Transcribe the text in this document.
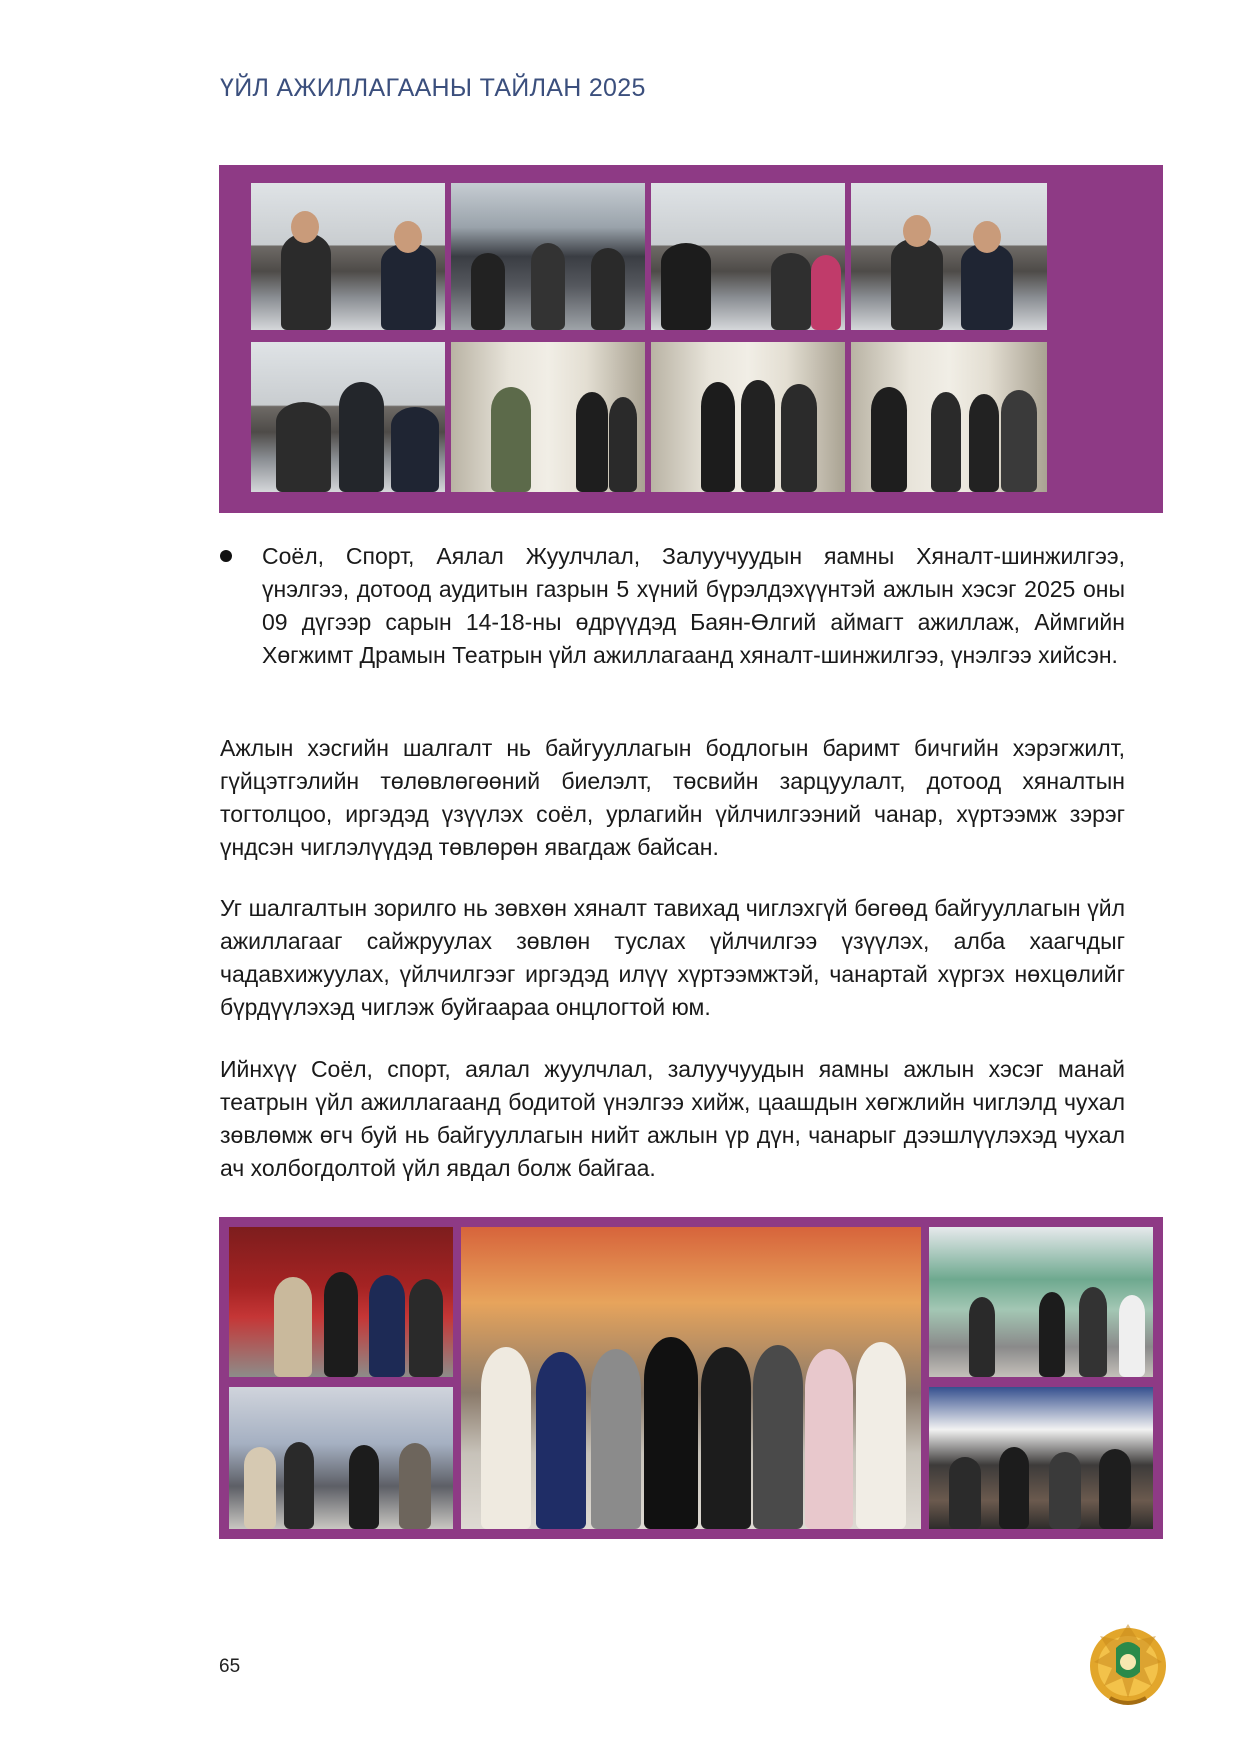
ҮЙЛ АЖИЛЛАГААНЫ ТАЙЛАН 2025
Соёл, Спорт, Аялал Жуулчлал, Залуучуудын яамны Хяналт-шинжилгээ, үнэлгээ, дотоод аудитын газрын 5 хүний бүрэлдэхүүнтэй ажлын хэсэг 2025 оны 09 дүгээр сарын 14-18-ны өдрүүдэд Баян-Өлгий аймагт ажиллаж, Аймгийн Хөгжимт Драмын Театрын үйл ажиллагаанд хяналт-шинжилгээ, үнэлгээ хийсэн.

Ажлын хэсгийн шалгалт нь байгууллагын бодлогын баримт бичгийн хэрэгжилт, гүйцэтгэлийн төлөвлөгөөний биелэлт, төсвийн зарцуулалт, дотоод хяналтын тогтолцоо, иргэдэд үзүүлэх соёл, урлагийн үйлчилгээний чанар, хүртээмж зэрэг үндсэн чиглэлүүдэд төвлөрөн явагдаж байсан.

Уг шалгалтын зорилго нь зөвхөн хяналт тавихад чиглэхгүй бөгөөд байгууллагын үйл ажиллагааг сайжруулах зөвлөн туслах үйлчилгээ үзүүлэх, алба хаагчдыг чадавхижуулах, үйлчилгээг иргэдэд илүү хүртээмжтэй, чанартай хүргэх нөхцөлийг бүрдүүлэхэд чиглэж буйгаараа онцлогтой юм.

Ийнхүү Соёл, спорт, аялал жуулчлал, залуучуудын яамны ажлын хэсэг манай театрын үйл ажиллагаанд бодитой үнэлгээ хийж, цаашдын хөгжлийн чиглэлд чухал зөвлөмж өгч буй нь байгууллагын нийт ажлын үр дүн, чанарыг дээшлүүлэхэд чухал ач холбогдолтой үйл явдал болж байгаа.

65
